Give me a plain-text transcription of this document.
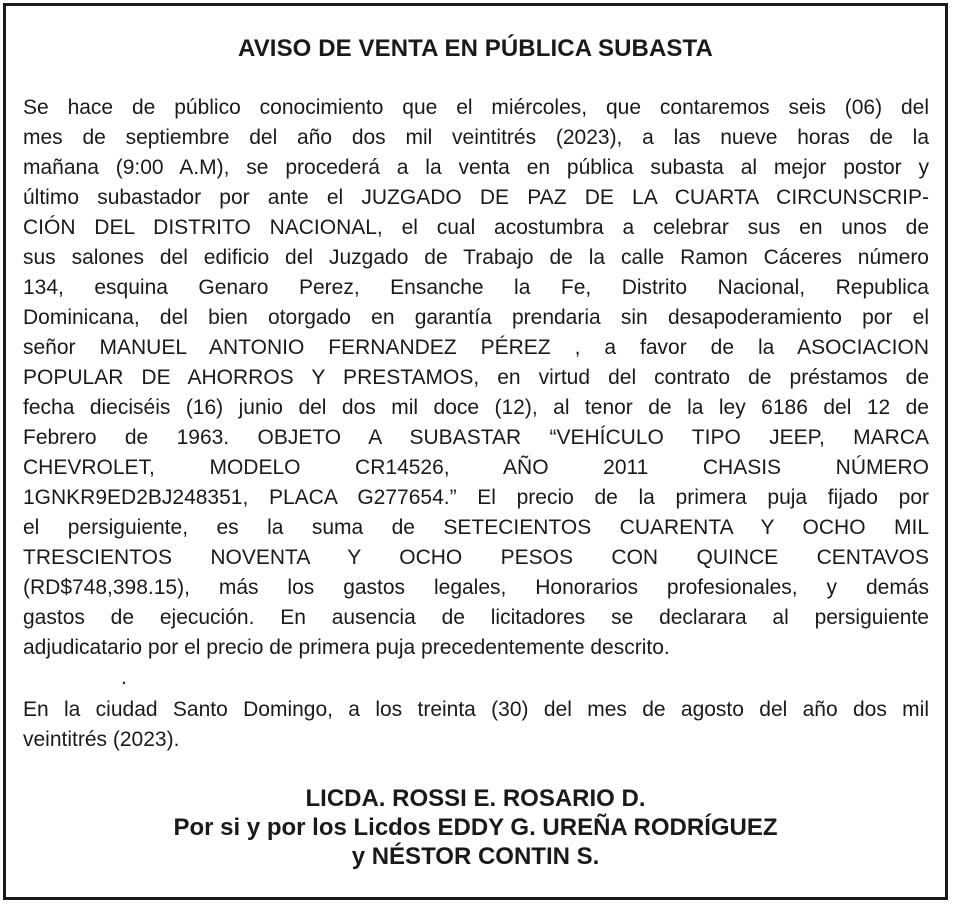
AVISO DE VENTA EN PÚBLICA SUBASTA
Se hace de público conocimiento que el miércoles, que contaremos seis (06) del
mes de septiembre del año dos mil veintitrés (2023), a las nueve horas de la
mañana (9:00 A.M), se procederá a la venta en pública subasta al mejor postor y
último subastador por ante el JUZGADO DE PAZ DE LA CUARTA CIRCUNSCRIP-
CIÓN DEL DISTRITO NACIONAL, el cual acostumbra a celebrar sus en unos de
sus salones del edificio del Juzgado de Trabajo de la calle Ramon Cáceres número
134, esquina Genaro Perez, Ensanche la Fe, Distrito Nacional, Republica
Dominicana, del bien otorgado en garantía prendaria sin desapoderamiento por el
señor MANUEL ANTONIO FERNANDEZ PÉREZ , a favor de la ASOCIACION
POPULAR DE AHORROS Y PRESTAMOS, en virtud del contrato de préstamos de
fecha dieciséis (16) junio del dos mil doce (12), al tenor de la ley 6186 del 12 de
Febrero de 1963. OBJETO A SUBASTAR “VEHÍCULO TIPO JEEP, MARCA
CHEVROLET, MODELO CR14526, AÑO 2011 CHASIS NÚMERO
1GNKR9ED2BJ248351, PLACA G277654.” El precio de la primera puja fijado por
el persiguiente, es la suma de SETECIENTOS CUARENTA Y OCHO MIL
TRESCIENTOS NOVENTA Y OCHO PESOS CON QUINCE CENTAVOS
(RD$748,398.15), más los gastos legales, Honorarios profesionales, y demás
gastos de ejecución. En ausencia de licitadores se declarara al persiguiente
adjudicatario por el precio de primera puja precedentemente descrito.
.
En la ciudad Santo Domingo, a los treinta (30) del mes de agosto del año dos mil
veintitrés (2023).
LICDA. ROSSI E. ROSARIO D.
Por si y por los Licdos EDDY G. UREÑA RODRÍGUEZ
y NÉSTOR CONTIN S.
